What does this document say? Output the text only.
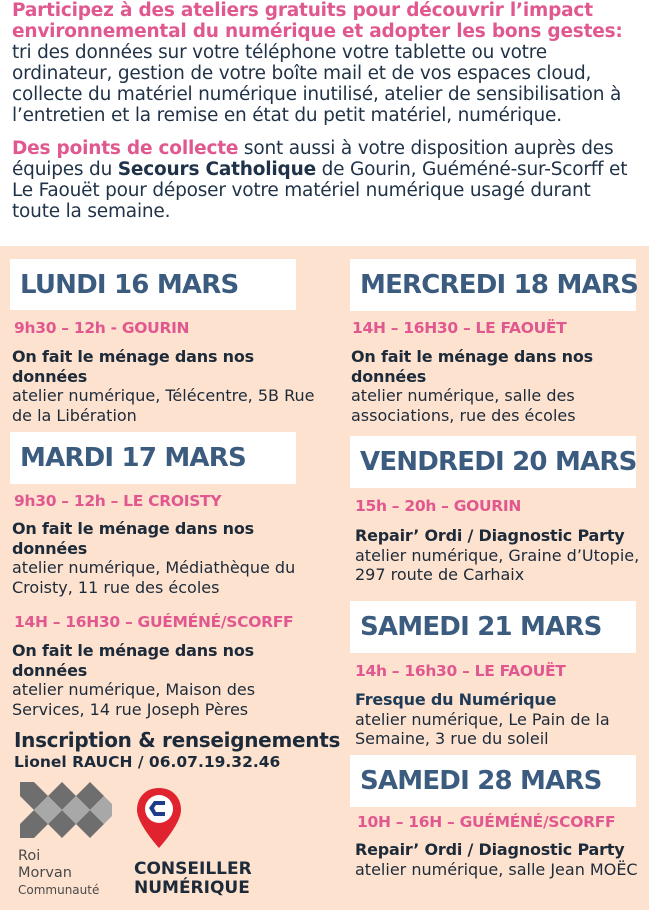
Participez à des ateliers gratuits pour découvrir l’impact environnemental du numérique et adopter les bons gestes: tri des données sur votre téléphone votre tablette ou votre ordinateur, gestion de votre boîte mail et de vos espaces cloud, collecte du matériel numérique inutilisé, atelier de sensibilisation à l’entretien et la remise en état du petit matériel, numérique.

Des points de collecte sont aussi à votre disposition auprès des équipes du Secours Catholique de Gourin, Guéméné-sur-Scorff et Le Faouët pour déposer votre matériel numérique usagé durant toute la semaine.

LUNDI 16 MARS
9h30 – 12h - GOURIN
On fait le ménage dans nos données
atelier numérique, Télécentre, 5B Rue de la Libération
MARDI 17 MARS
9h30 – 12h – LE CROISTY
On fait le ménage dans nos données
atelier numérique, Médiathèque du Croisty, 11 rue des écoles
14H – 16H30 – GUÉMÉNÉ/SCORFF
On fait le ménage dans nos données
atelier numérique, Maison des Services, 14 rue Joseph Pères
MERCREDI 18 MARS
14H – 16H30 – LE FAOUËT
On fait le ménage dans nos données
atelier numérique, salle des associations, rue des écoles
VENDREDI 20 MARS
15h – 20h – GOURIN
Repair’ Ordi / Diagnostic Party
atelier numérique, Graine d’Utopie, 297 route de Carhaix
SAMEDI 21 MARS
14h – 16h30 – LE FAOUËT
Fresque du Numérique
atelier numérique, Le Pain de la Semaine, 3 rue du soleil
SAMEDI 28 MARS
10H – 16H – GUÉMÉNÉ/SCORFF
Repair’ Ordi / Diagnostic Party
atelier numérique, salle Jean MOËC
Inscription & renseignements
Lionel RAUCH / 06.07.19.32.46
Roi
Morvan
Communauté
CONSEILLER
NUMÉRIQUE
